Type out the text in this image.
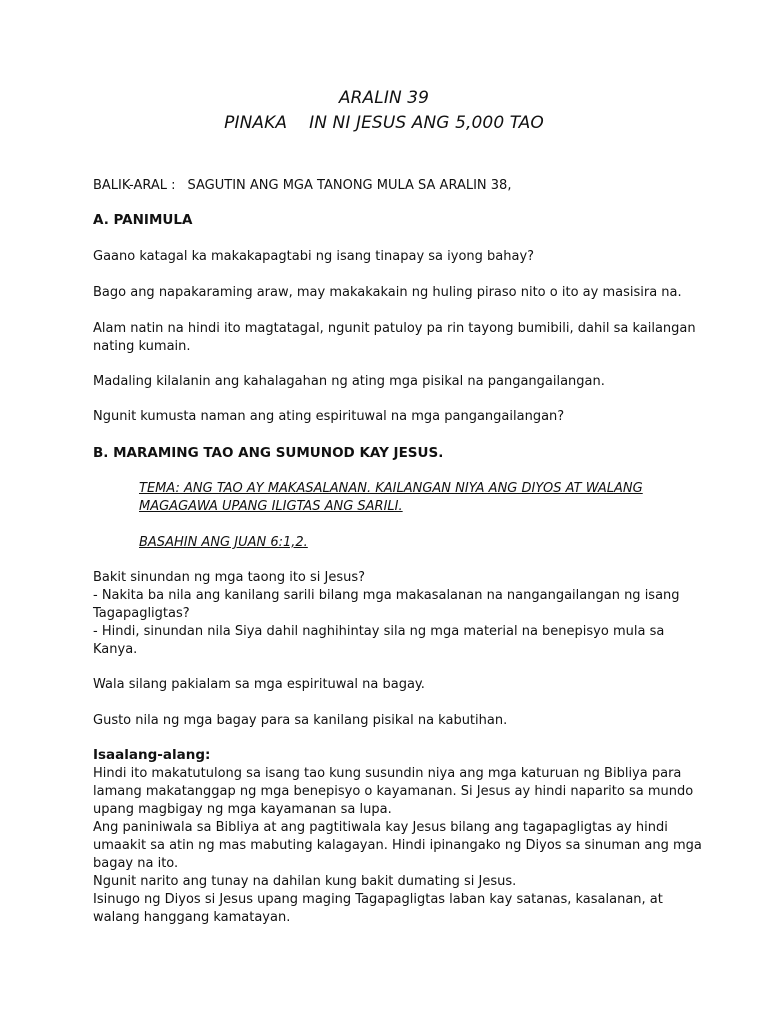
ARALIN 39
PINAKA IN NI JESUS ANG 5,000 TAO
BALIK-ARAL : SAGUTIN ANG MGA TANONG MULA SA ARALIN 38,
A. PANIMULA
Gaano katagal ka makakapagtabi ng isang tinapay sa iyong bahay?
Bago ang napakaraming araw, may makakakain ng huling piraso nito o ito ay masisira na.
Alam natin na hindi ito magtatagal, ngunit patuloy pa rin tayong bumibili, dahil sa kailangan
nating kumain.
Madaling kilalanin ang kahalagahan ng ating mga pisikal na pangangailangan.
Ngunit kumusta naman ang ating espirituwal na mga pangangailangan?
B. MARAMING TAO ANG SUMUNOD KAY JESUS.
TEMA: ANG TAO AY MAKASALANAN. KAILANGAN NIYA ANG DIYOS AT WALANG
MAGAGAWA UPANG ILIGTAS ANG SARILI.
BASAHIN ANG JUAN 6:1,2.
Bakit sinundan ng mga taong ito si Jesus?
- Nakita ba nila ang kanilang sarili bilang mga makasalanan na nangangailangan ng isang
Tagapagligtas?
- Hindi, sinundan nila Siya dahil naghihintay sila ng mga material na benepisyo mula sa
Kanya.
Wala silang pakialam sa mga espirituwal na bagay.
Gusto nila ng mga bagay para sa kanilang pisikal na kabutihan.
Isaalang-alang:
Hindi ito makatutulong sa isang tao kung susundin niya ang mga katuruan ng Bibliya para
lamang makatanggap ng mga benepisyo o kayamanan. Si Jesus ay hindi naparito sa mundo
upang magbigay ng mga kayamanan sa lupa.
Ang paniniwala sa Bibliya at ang pagtitiwala kay Jesus bilang ang tagapagligtas ay hindi
umaakit sa atin ng mas mabuting kalagayan. Hindi ipinangako ng Diyos sa sinuman ang mga
bagay na ito.
Ngunit narito ang tunay na dahilan kung bakit dumating si Jesus.
Isinugo ng Diyos si Jesus upang maging Tagapagligtas laban kay satanas, kasalanan, at
walang hanggang kamatayan.
